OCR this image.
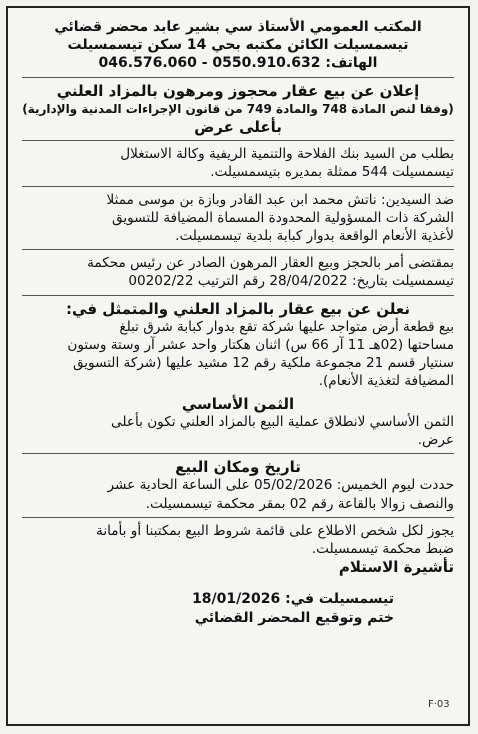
المكتب العمومي الأستاذ سي بشير عابد محضر قضائي
تيسمسيلت الكائن مكتبه بحي 14 سكن تيسمسيلت
الهاتف: 046.576.060 - 0550.910.632
إعلان عن بيع عقار محجوز ومرهون بالمزاد العلني
(وفقا لنص المادة 748 والمادة 749 من قانون الإجراءات المدنية والإدارية)
بأعلى عرض
بطلب من السيد بنك الفلاحة والتنمية الريفية وكالة الاستغلال
تيسمسيلت 544 ممثلة بمديره بتيسمسيلت.
ضد السيدين: ناتش محمد ابن عبد القادر وبازة بن موسى ممثلا
الشركة ذات المسؤولية المحدودة المسماة المضيافة للتسويق
لأغذية الأنعام الواقعة بدوار كبابة بلدية تيسمسيلت.
بمقتضى أمر بالحجز وبيع العقار المرهون الصادر عن رئيس محكمة
تيسمسيلت بتاريخ: 28/04/2022 رقم الترتيب 00202/22
نعلن عن بيع عقار بالمزاد العلني والمتمثل في:
بيع قطعة أرض متواجد عليها شركة تقع بدوار كبابة شرق تبلغ
مساحتها (02هـ 11 آر 66 س) اثنان هكتار واحد عشر آر وستة وستون
سنتيار قسم 21 مجموعة ملكية رقم 12 مشيد عليها (شركة التسويق
المضيافة لتغذية الأنعام).
الثمن الأساسي
الثمن الأساسي لانطلاق عملية البيع بالمزاد العلني تكون بأعلى
عرض.
تاريخ ومكان البيع
حددت ليوم الخميس: 05/02/2026 على الساعة الحادية عشر
والنصف زوالا بالقاعة رقم 02 بمقر محكمة تيسمسيلت.
يجوز لكل شخص الاطلاع على قائمة شروط البيع بمكتبنا أو بأمانة
ضبط محكمة تيسمسيلت.
تأشيرة الاستلام
تيسمسيلت في: 18/01/2026
ختم وتوقيع المحضر القضائي
F·03
